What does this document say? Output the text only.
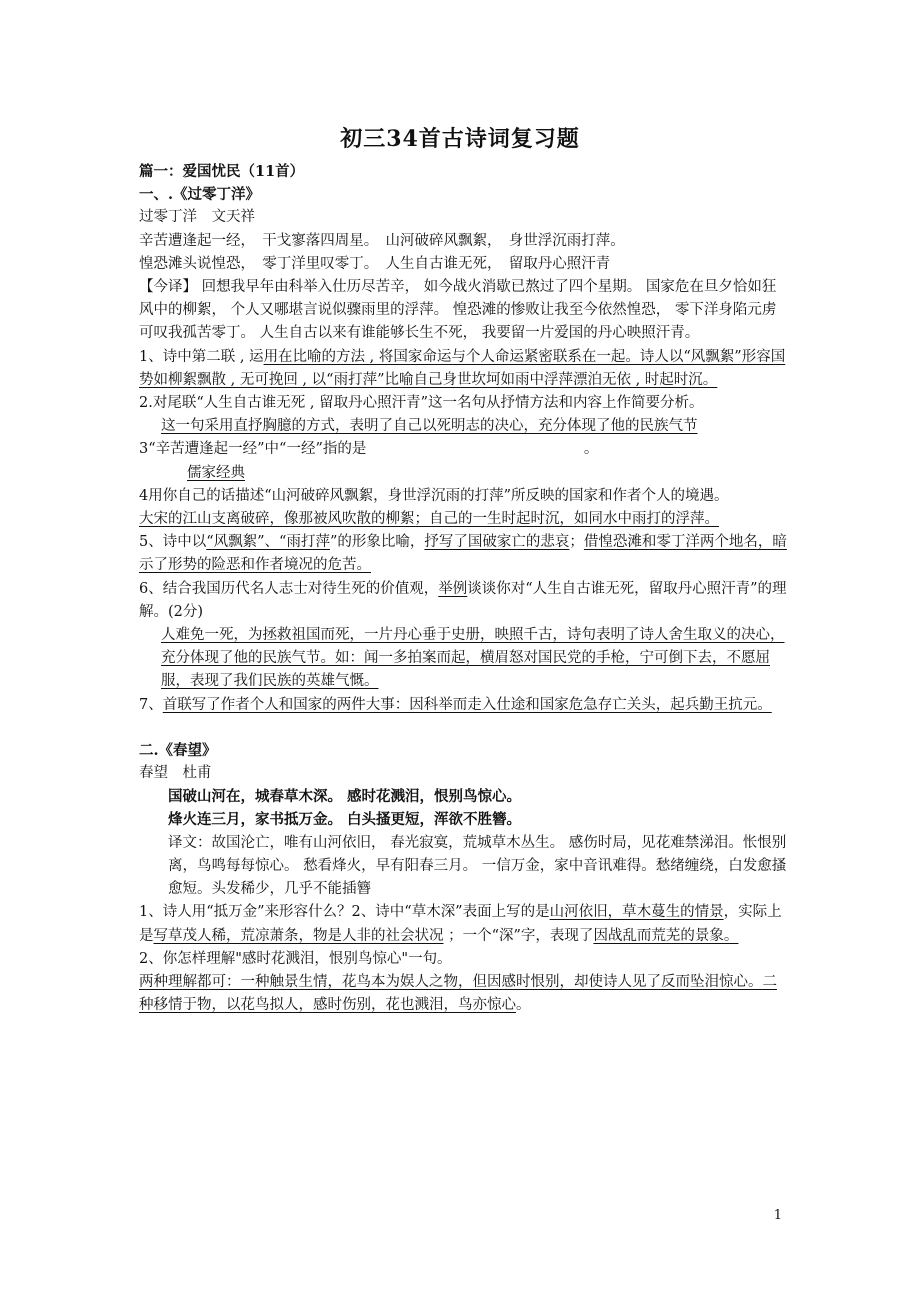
初三34首古诗词复习题

篇一：爱国忧民（11首）

一、.《过零丁洋》

过零丁洋　文天祥

辛苦遭逢起一经，　干戈寥落四周星。　山河破碎风飘絮，　身世浮沉雨打萍。

惶恐滩头说惶恐，　零丁洋里叹零丁。　人生自古谁无死，　留取丹心照汗青

【今译】 回想我早年由科举入仕历尽苦辛， 如今战火消歇已熬过了四个星期。 国家危在旦夕恰如狂风中的柳絮， 个人又哪堪言说似骤雨里的浮萍。 惶恐滩的惨败让我至今依然惶恐， 零下洋身陷元虏可叹我孤苦零丁。 人生自古以来有谁能够长生不死， 我要留一片爱国的丹心映照汗青。

1、诗中第二联 , 运用在比喻的方法 , 将国家命运与个人命运紧密联系在一起。诗人以“风飘絮”形容国势如柳絮飘散 , 无可挽回 , 以“雨打萍”比喻自己身世坎坷如雨中浮萍漂泊无依 , 时起时沉。

2.对尾联“人生自古谁无死 , 留取丹心照汗青”这一名句从抒情方法和内容上作简要分析。

这一句采用直抒胸臆的方式，表明了自己以死明志的决心，充分体现了他的民族气节

3“辛苦遭逢起一经”中“一经”指的是　　　　　　　　　　　　　　　。

儒家经典

4用你自己的话描述“山河破碎风飘絮，身世浮沉雨的打萍”所反映的国家和作者个人的境遇。

大宋的江山支离破碎，像那被风吹散的柳絮；自己的一生时起时沉，如同水中雨打的浮萍。

5、诗中以“风飘絮”、“雨打萍”的形象比喻，抒写了国破家亡的悲哀；借惶恐滩和零丁洋两个地名，暗示了形势的险恶和作者境况的危苦。

6、结合我国历代名人志士对待生死的价值观，举例谈谈你对“人生自古谁无死，留取丹心照汗青”的理解。(2分)

人难免一死，为拯救祖国而死，一片丹心垂于史册，映照千古，诗句表明了诗人舍生取义的决心，充分体现了他的民族气节。如：闻一多拍案而起，横眉怒对国民党的手枪，宁可倒下去，不愿屈服，表现了我们民族的英雄气慨。

7、首联写了作者个人和国家的两件大事：因科举而走入仕途和国家危急存亡关头，起兵勤王抗元。

二.《春望》

春望　杜甫

国破山河在，城春草木深。 感时花溅泪，恨别鸟惊心。

烽火连三月，家书抵万金。 白头搔更短，浑欲不胜簪。

译文：故国沦亡，唯有山河依旧， 春光寂寞，荒城草木丛生。 感伤时局，见花难禁涕泪。怅恨别离，鸟鸣每每惊心。 愁看烽火，早有阳春三月。 一信万金，家中音讯难得。愁绪缠绕，白发愈搔愈短。头发稀少，几乎不能插簪

1、诗人用“抵万金”来形容什么？2、诗中“草木深”表面上写的是山河依旧，草木蔓生的情景，实际上是写草茂人稀，荒凉萧条，物是人非的社会状况 ；一个“深”字，表现了因战乱而荒芜的景象。

2、你怎样理解"感时花溅泪，恨别鸟惊心"一句。

两种理解都可：一种触景生情，花鸟本为娱人之物，但因感时恨别，却使诗人见了反而坠泪惊心。二种移情于物，以花鸟拟人，感时伤别，花也溅泪，鸟亦惊心。

1
